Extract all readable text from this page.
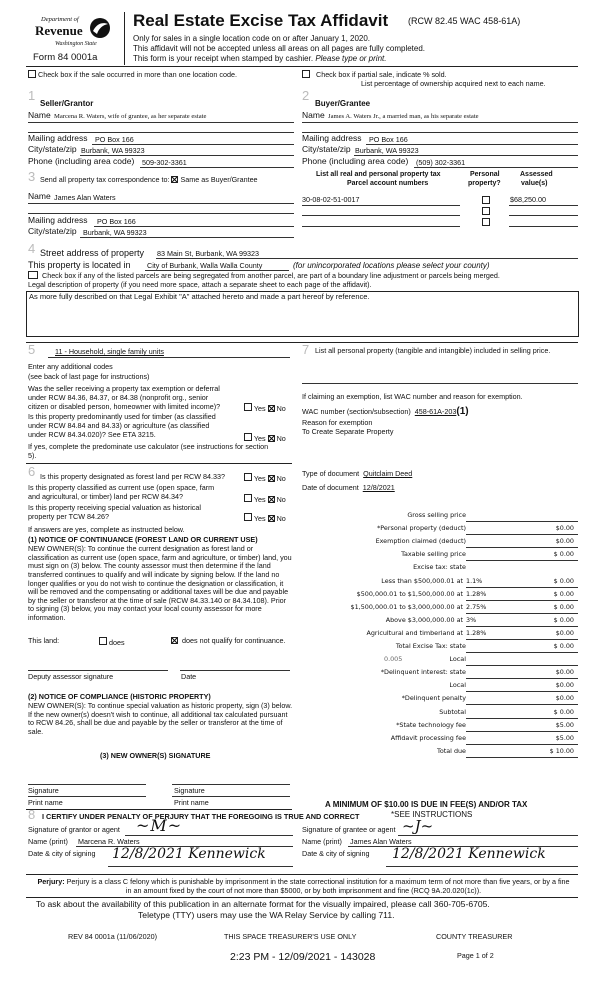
Department of
Revenue
Washington State
Form 84 0001a
Real Estate Excise Tax Affidavit (RCW 82.45 WAC 458-61A)
Only for sales in a single location code on or after January 1, 2020.
This affidavit will not be accepted unless all areas on all pages are fully completed.
This form is your receipt when stamped by cashier. Please type or print.
Check box if the sale occurred in more than one location code.	Check box if partial sale, indicate % sold.
List percentage of ownership acquired next to each name.
1
Seller/Grantor
2
Buyer/Grantee
Name Marcena R. Waters, wife of grantee, as her separate estate	Name James A. Waters Jr., a married man, as his separate estate
Mailing address PO Box 166
City/state/zip Burbank, WA 99323
Phone (including area code) 509-302-3361
Mailing address PO Box 166
City/state/zip Burbank, WA 99323
Phone (including area code) (509) 302-3361
3 Send all property tax correspondence to: Same as Buyer/Grantee
Name James Alan Waters
Mailing address PO Box 166
City/state/zip Burbank, WA 99323
List all real and personal property tax
Parcel account numbers
Personal
property?
Assessed
value(s)
30-08-02-51-0017	$68,250.00
4 Street address of property 83 Main St, Burbank, WA 99323
This property is located in City of Burbank, Walla Walla County	(for unincorporated locations please select your county)
Check box if any of the listed parcels are being segregated from another parcel, are part of a boundary line adjustment or parcels being merged.
Legal description of property (if you need more space, attach a separate sheet to each page of the affidavit).
As more fully described on that Legal Exhibit "A" attached hereto and made a part hereof by reference.
5	11 - Household, single family units
Enter any additional codes
(see back of last page for instructions)
Was the seller receiving a property tax exemption or deferral
under RCW 84.36, 84.37, or 84.38 (nonprofit org., senior
citizen or disabled person, homeowner with limited income)?	Yes No
Is this property predominantly used for timber (as classified
under RCW 84.84 and 84.33) or agriculture (as classified
under RCW 84.34.020)? See ETA 3215.	Yes No
If yes, complete the predominate use calculator (see instructions for section
5).
6 Is this property designated as forest land per RCW 84.33?	Yes No
Is this property classified as current use (open space, farm
and agricultural, or timber) land per RCW 84.34?	Yes No
Is this property receiving special valuation as historical
property per TCW 84.26?	Yes No
If answers are yes, complete as instructed below.
(1) NOTICE OF CONTINUANCE (FOREST LAND OR CURRENT USE)
NEW OWNER(S): To continue the current designation as forest land or classification as current use (open space, farm and agriculture, or timber) land, you must sign on (3) below. The county assessor must then determine if the land transferred continues to qualify and will indicate by signing below. If the land no longer qualifies or you do not wish to continue the designation or classification, it will be removed and the compensating or additional taxes will be due and payable by the seller or transferor at the time of sale (RCW 84.33.140 or 84.34.108). Prior to signing (3) below, you may contact your local county assessor for more information.
This land:	does	does not qualify for continuance.
Deputy assessor signature	Date
(2) NOTICE OF COMPLIANCE (HISTORIC PROPERTY)
NEW OWNER(S): To continue special valuation as historic property, sign (3) below. If the new owner(s) doesn't wish to continue, all additional tax calculated pursuant to RCW 84.26, shall be due and payable by the seller or transferor at the time of sale.
(3) NEW OWNER(S) SIGNATURE
Signature	Signature
Print name	Print name
7 List all personal property (tangible and intangible) included in selling price.
If claiming an exemption, list WAC number and reason for exemption.
WAC number (section/subsection) 458-61A-203(1)
Reason for exemption
To Create Separate Property
Type of document Quitclaim Deed
Date of document 12/8/2021
Gross selling price
*Personal property (deduct)	$0.00
Exemption claimed (deduct)	$0.00
Taxable selling price	$ 0.00
Excise tax: state
Less than $500,000.01 at 1.1%	$ 0.00
$500,000.01 to $1,500,000.00 at 1.28%	$ 0.00
$1,500,000.01 to $3,000,000.00 at 2.75%	$ 0.00
Above $3,000,000.00 at 3%	$ 0.00
Agricultural and timberland at 1.28%	$0.00
Total Excise Tax: state	$ 0.00
Local
0.005
*Delinquent interest: state	$0.00
Local	$0.00
*Delinquent penalty	$0.00
Subtotal	$ 0.00
*State technology fee	$5.00
Affidavit processing fee	$5.00
Total due	$ 10.00
A MINIMUM OF $10.00 IS DUE IN FEE(S) AND/OR TAX
*SEE INSTRUCTIONS
8 I CERTIFY UNDER PENALTY OF PERJURY THAT THE FOREGOING IS TRUE AND CORRECT
Signature of grantor or agent ~M~	Signature of grantee or agent ~J~
Name (print) Marcena R. Waters	Name (print) James Alan Waters
Date & city of signing 12/8/2021 Kennewick	Date & city of signing 12/8/2021 Kennewick
Perjury: Perjury is a class C felony which is punishable by imprisonment in the state correctional institution for a maximum term of not more than five years, or by a fine in an amount fixed by the court of not more than $5000, or by both imprisonment and fine (RCQ 9A.20.020(1c)).
To ask about the availability of this publication in an alternate format for the visually impaired, please call 360-705-6705.
Teletype (TTY) users may use the WA Relay Service by calling 711.
REV 84 0001a (11/06/2020)	THIS SPACE TREASURER'S USE ONLY	COUNTY TREASURER
2:23 PM - 12/09/2021 - 143028	Page 1 of 2
